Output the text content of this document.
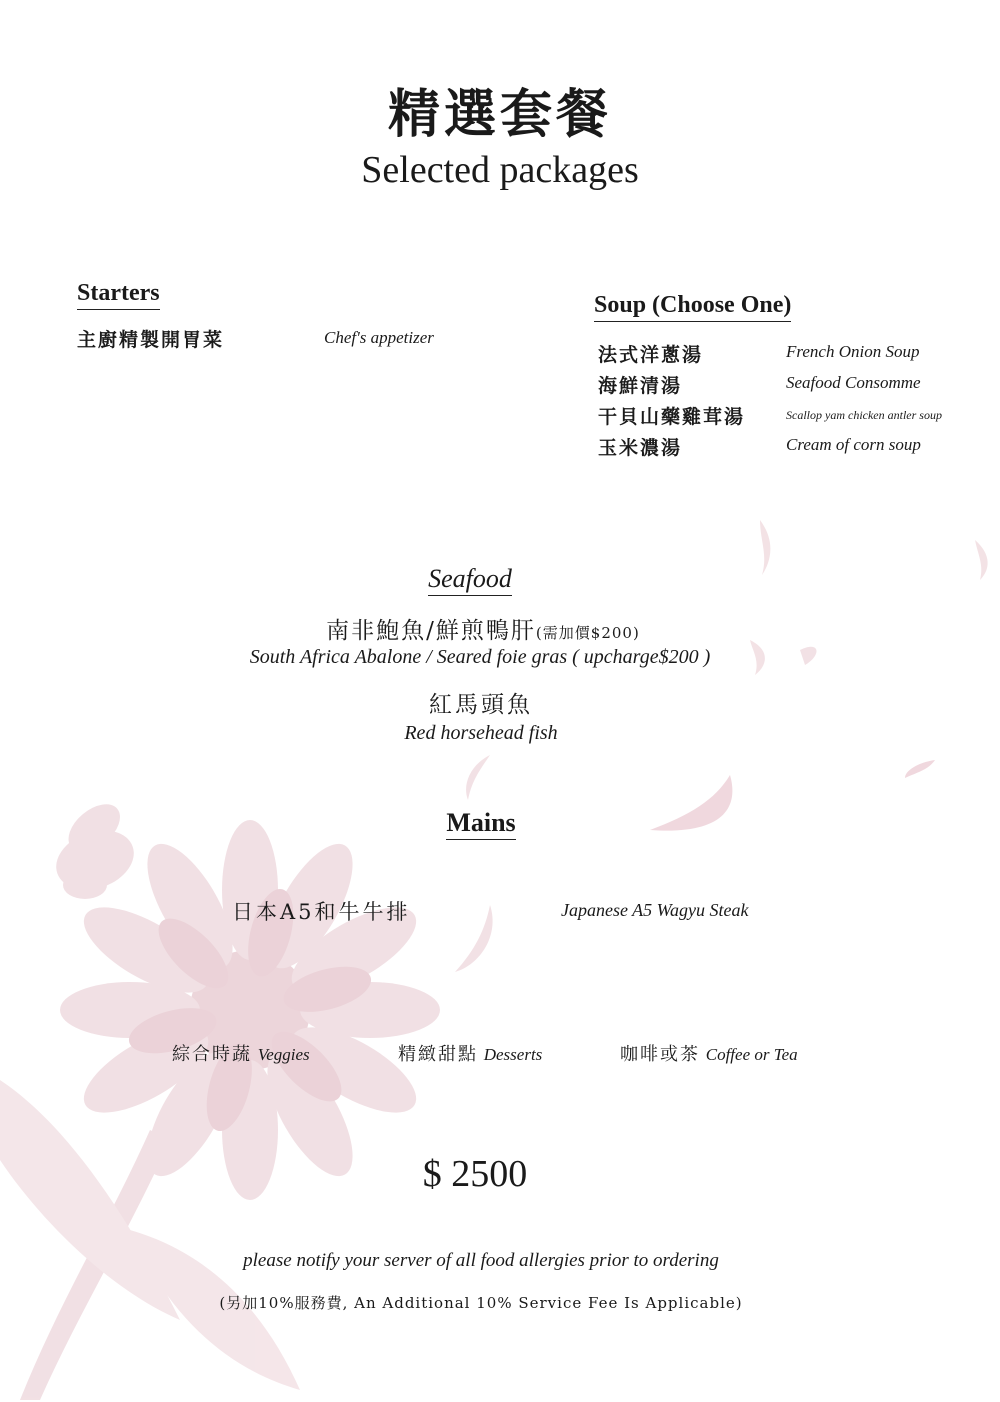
精選套餐
Selected packages
Starters
主廚精製開胃菜	Chef's appetizer
Soup (Choose One)
法式洋蔥湯	French Onion Soup
海鮮清湯	Seafood Consomme
干貝山藥雞茸湯	Scallop yam chicken antler soup
玉米濃湯	Cream of corn soup
Seafood
南非鮑魚/鮮煎鴨肝(需加價$200)
South Africa Abalone / Seared foie gras ( upcharge$200 )
紅馬頭魚
Red horsehead fish
Mains
日本A5和牛牛排	Japanese A5 Wagyu Steak
綜合時蔬 Veggies	精緻甜點 Desserts	咖啡或茶 Coffee or Tea
$ 2500
please notify your server of all food allergies prior to ordering
(另加10%服務費, An Additional 10% Service Fee Is Applicable)
